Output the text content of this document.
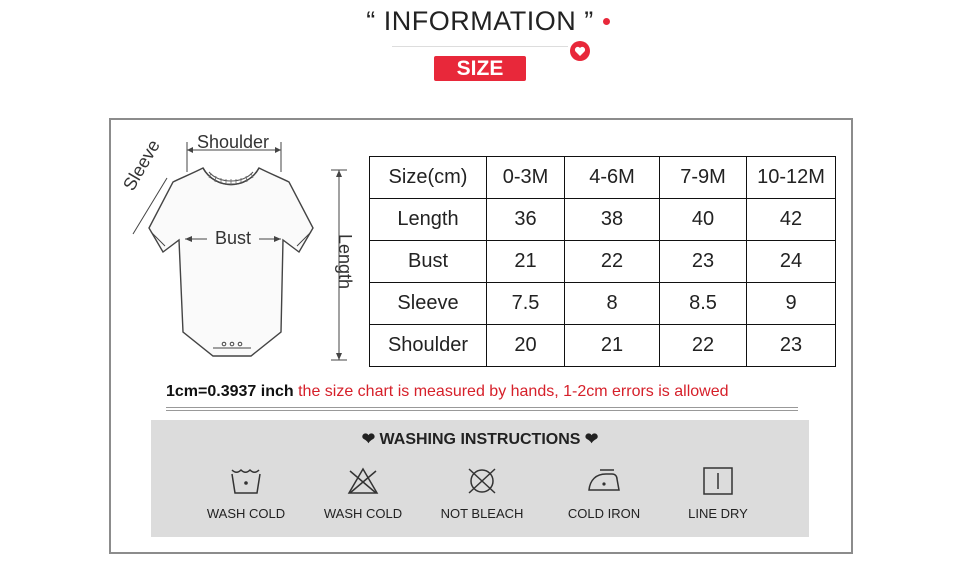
“ INFORMATION ”
SIZE
Shoulder
Sleeve
Bust	Length
Size(cm)	0-3M	4-6M	7-9M	10-12M
Length	36	38	40	42
Bust	21	22	23	24
Sleeve	7.5	8	8.5	9
Shoulder	20	21	22	23
1cm=0.3937 inch the size chart is measured by hands, 1-2cm errors is allowed
❤ WASHING INSTRUCTIONS ❤
WASH COLD	WASH COLD	NOT BLEACH	COLD IRON	LINE DRY
